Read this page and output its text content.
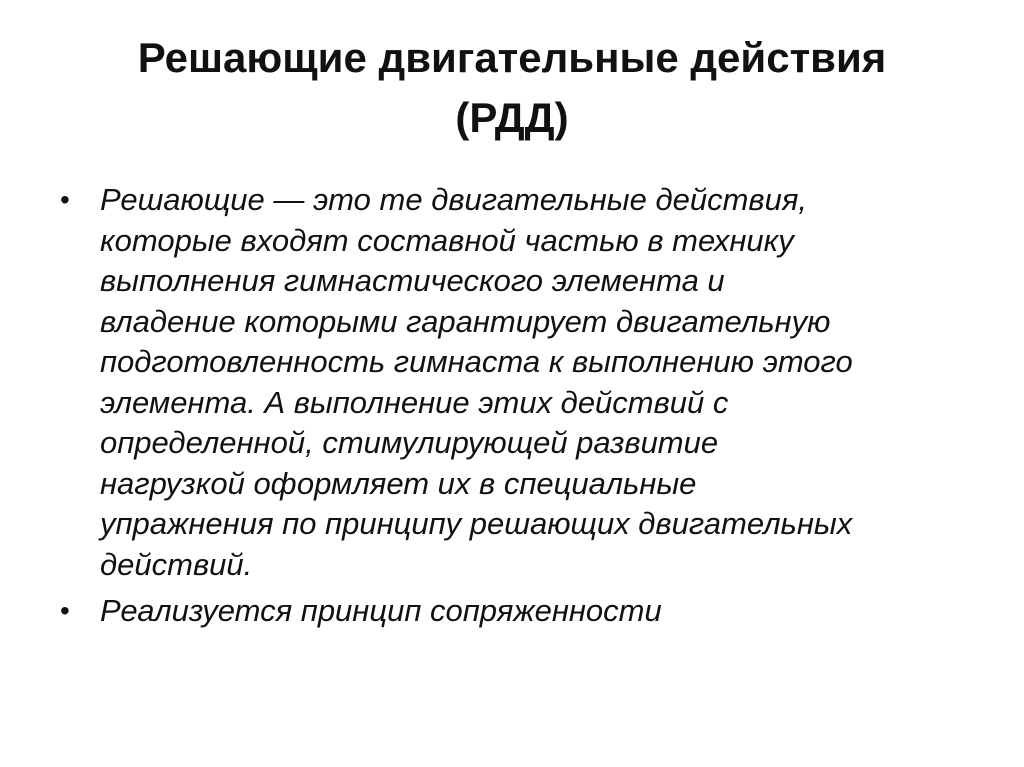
Решающие двигательные действия
(РДД)
• Решающие — это те двигательные действия,
которые входят составной частью в технику
выполнения гимнастического элемента и
владение которыми гарантирует двигательную
подготовленность гимнаста к выполнению этого
элемента. А выполнение этих действий с
определенной, стимулирующей развитие
нагрузкой оформляет их в специальные
упражнения по принципу решающих двигательных
действий.
• Реализуется принцип сопряженности
